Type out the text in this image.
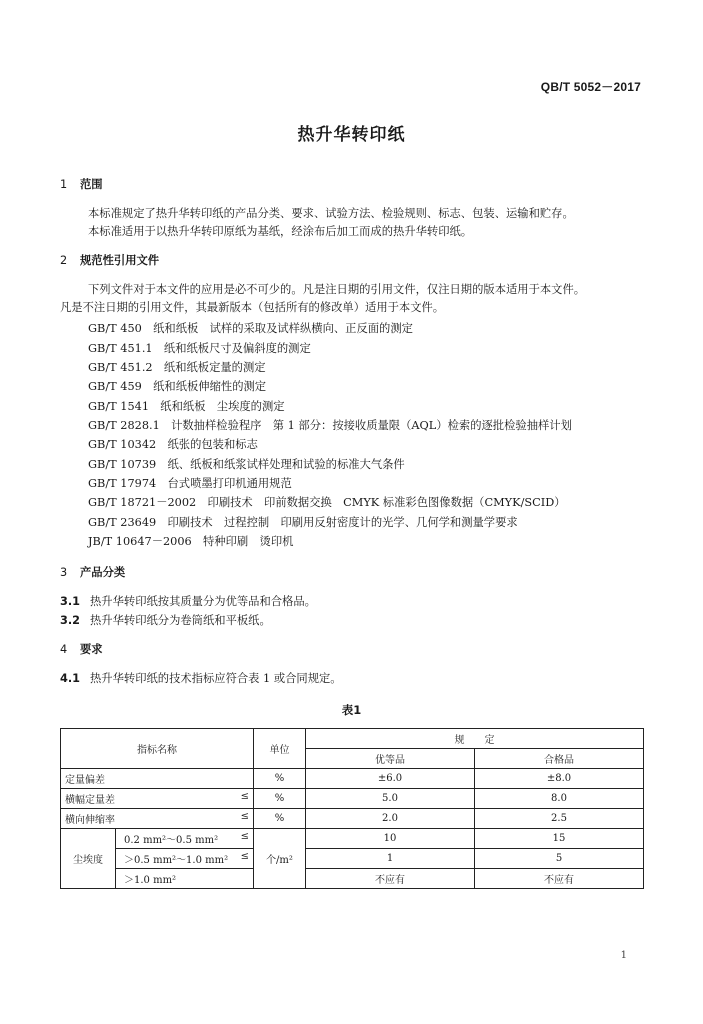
QB/T 5052－2017
热升华转印纸
1 范围
本标准规定了热升华转印纸的产品分类、要求、试验方法、检验规则、标志、包装、运输和贮存。
本标准适用于以热升华转印原纸为基纸，经涂布后加工而成的热升华转印纸。
2 规范性引用文件
下列文件对于本文件的应用是必不可少的。凡是注日期的引用文件，仅注日期的版本适用于本文件。
凡是不注日期的引用文件，其最新版本（包括所有的修改单）适用于本文件。
GB/T 450　纸和纸板　试样的采取及试样纵横向、正反面的测定
GB/T 451.1　纸和纸板尺寸及偏斜度的测定
GB/T 451.2　纸和纸板定量的测定
GB/T 459　纸和纸板伸缩性的测定
GB/T 1541　纸和纸板　尘埃度的测定
GB/T 2828.1　计数抽样检验程序　第 1 部分：按接收质量限（AQL）检索的逐批检验抽样计划
GB/T 10342　纸张的包装和标志
GB/T 10739　纸、纸板和纸浆试样处理和试验的标准大气条件
GB/T 17974　台式喷墨打印机通用规范
GB/T 18721－2002　印刷技术　印前数据交换　CMYK 标准彩色图像数据（CMYK/SCID）
GB/T 23649　印刷技术　过程控制　印刷用反射密度计的光学、几何学和测量学要求
JB/T 10647－2006　特种印刷　烫印机
3 产品分类
3.1 热升华转印纸按其质量分为优等品和合格品。
3.2 热升华转印纸分为卷筒纸和平板纸。
4 要求
4.1 热升华转印纸的技术指标应符合表 1 或合同规定。
表1
指标名称		单位	规　　定	
			优等品	合格品

定量偏差		%	±6.0	±8.0

横幅定量差 ≤		%	5.0	8.0

横向伸缩率 ≤		%	2.0	2.5
尘埃度	0.2 mm²～0.5 mm² ≤	个/m²	10	15

	＞0.5 mm²～1.0 mm² ≤		1	5

	＞1.0 mm²		不应有	不应有
1
